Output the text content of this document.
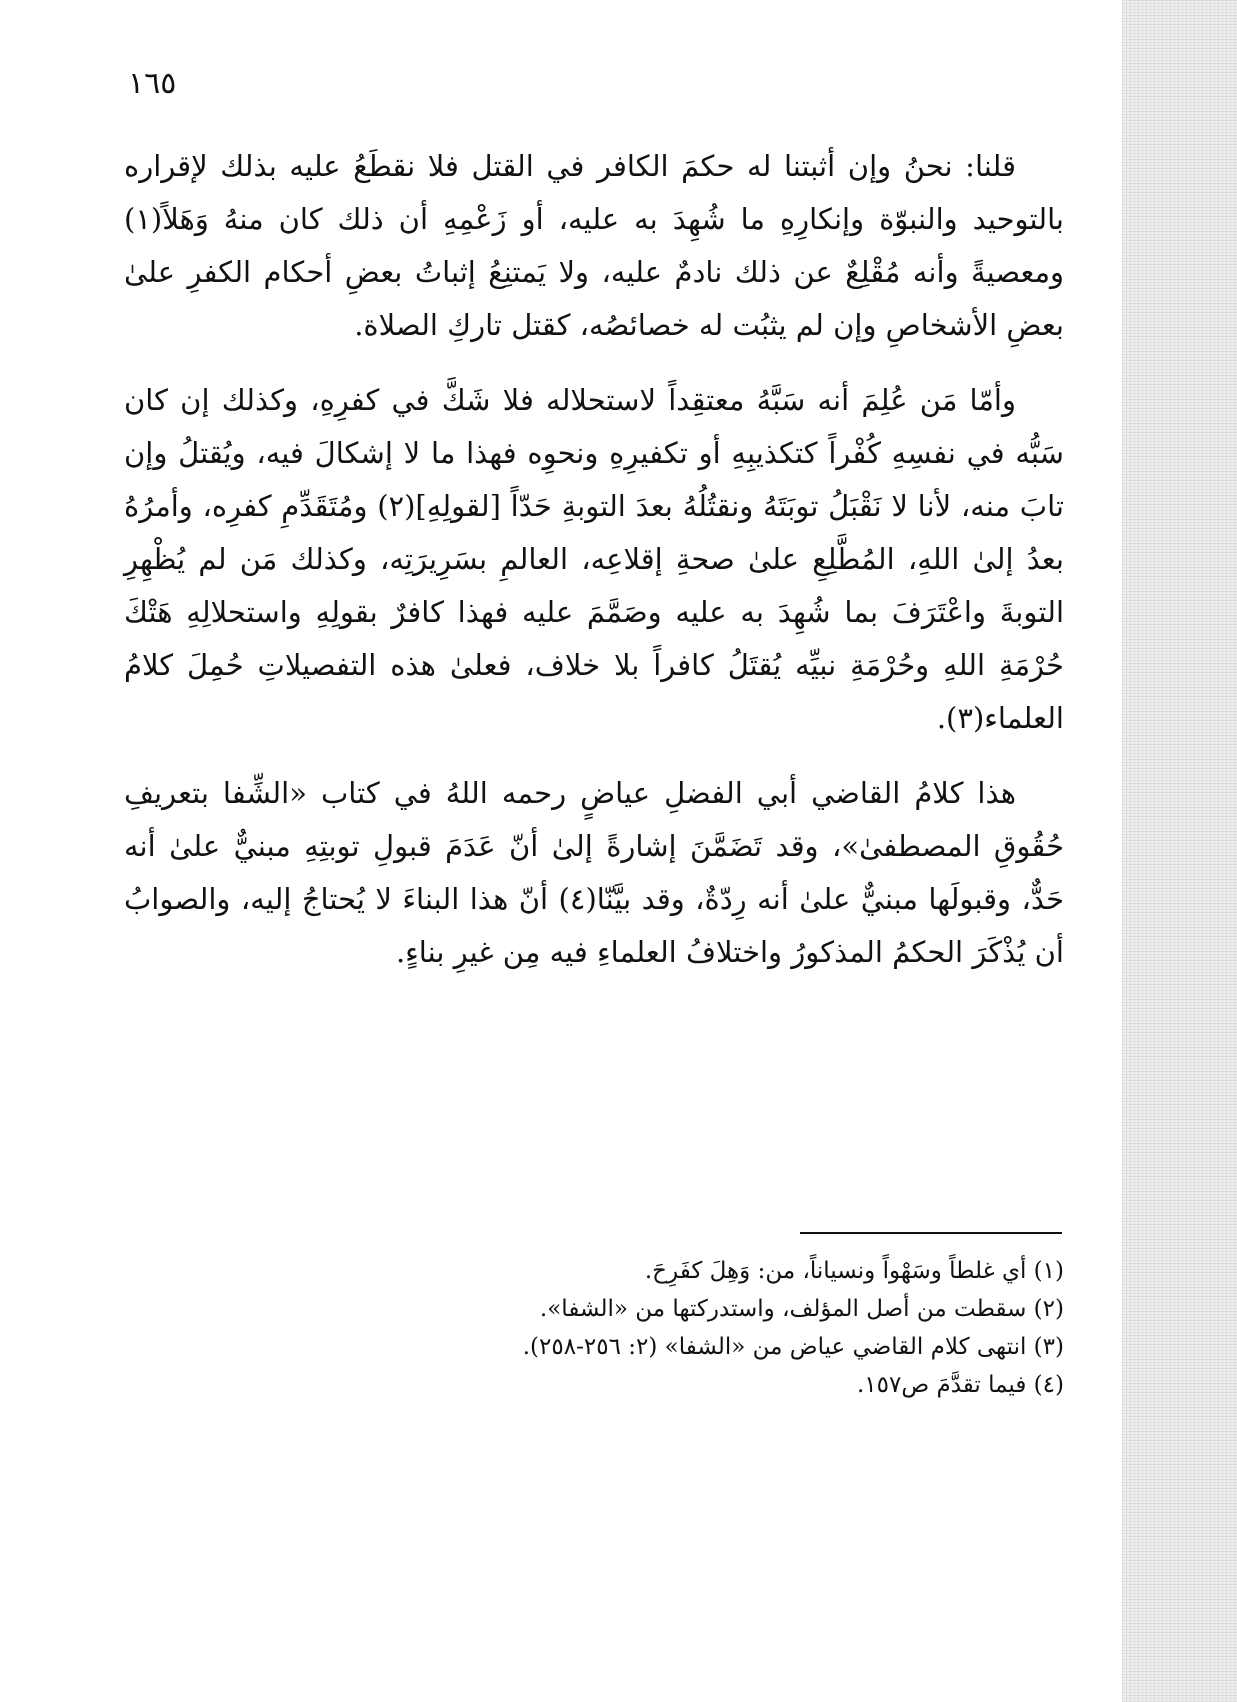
١٦٥

قلنا: نحنُ وإن أثبتنا له حكمَ الكافر في القتل فلا نقطَعُ عليه بذلك لإقراره بالتوحيد والنبوّة وإنكارِهِ ما شُهِدَ به عليه، أو زَعْمِهِ أن ذلك كان منهُ وَهَلاً(١) ومعصيةً وأنه مُقْلِعٌ عن ذلك نادمٌ عليه، ولا يَمتنِعُ إثباتُ بعضِ أحكام الكفرِ علىٰ بعضِ الأشخاصِ وإن لم يثبُت له خصائصُه، كقتل تاركِ الصلاة.

وأمّا مَن عُلِمَ أنه سَبَّهُ معتقِداً لاستحلاله فلا شَكَّ في كفرِهِ، وكذلك إن كان سَبُّه في نفسِهِ كُفْراً كتكذيبِهِ أو تكفيرِهِ ونحوِه فهذا ما لا إشكالَ فيه، ويُقتلُ وإن تابَ منه، لأنا لا نَقْبَلُ توبَتَهُ ونقتُلُهُ بعدَ التوبةِ حَدّاً [لقولِهِ](٢) ومُتَقَدِّمِ كفرِه، وأمرُهُ بعدُ إلىٰ اللهِ، المُطَّلِعِ علىٰ صحةِ إقلاعِه، العالمِ بسَرِيرَتِه، وكذلك مَن لم يُظْهِرِ التوبةَ واعْتَرَفَ بما شُهِدَ به عليه وصَمَّمَ عليه فهذا كافرٌ بقولِهِ واستحلالِهِ هَتْكَ حُرْمَةِ اللهِ وحُرْمَةِ نبيِّه يُقتَلُ كافراً بلا خلاف، فعلىٰ هذه التفصيلاتِ حُمِلَ كلامُ العلماء(٣).

هذا كلامُ القاضي أبي الفضلِ عياضٍ رحمه اللهُ في كتاب «الشِّفا بتعريفِ حُقُوقِ المصطفىٰ»، وقد تَضَمَّنَ إشارةً إلىٰ أنّ عَدَمَ قبولِ توبتِهِ مبنيٌّ علىٰ أنه حَدٌّ، وقبولَها مبنيٌّ علىٰ أنه رِدّةٌ، وقد بيَّنّا(٤) أنّ هذا البناءَ لا يُحتاجُ إليه، والصوابُ أن يُذْكَرَ الحكمُ المذكورُ واختلافُ العلماءِ فيه مِن غيرِ بناءٍ.

(١) أي غلطاً وسَهْواً ونسياناً، من: وَهِلَ كفَرِحَ.

(٢) سقطت من أصل المؤلف، واستدركتها من «الشفا».

(٣) انتهى كلام القاضي عياض من «الشفا» (٢: ٢٥٦-٢٥٨).

(٤) فيما تقدَّمَ ص١٥٧.
